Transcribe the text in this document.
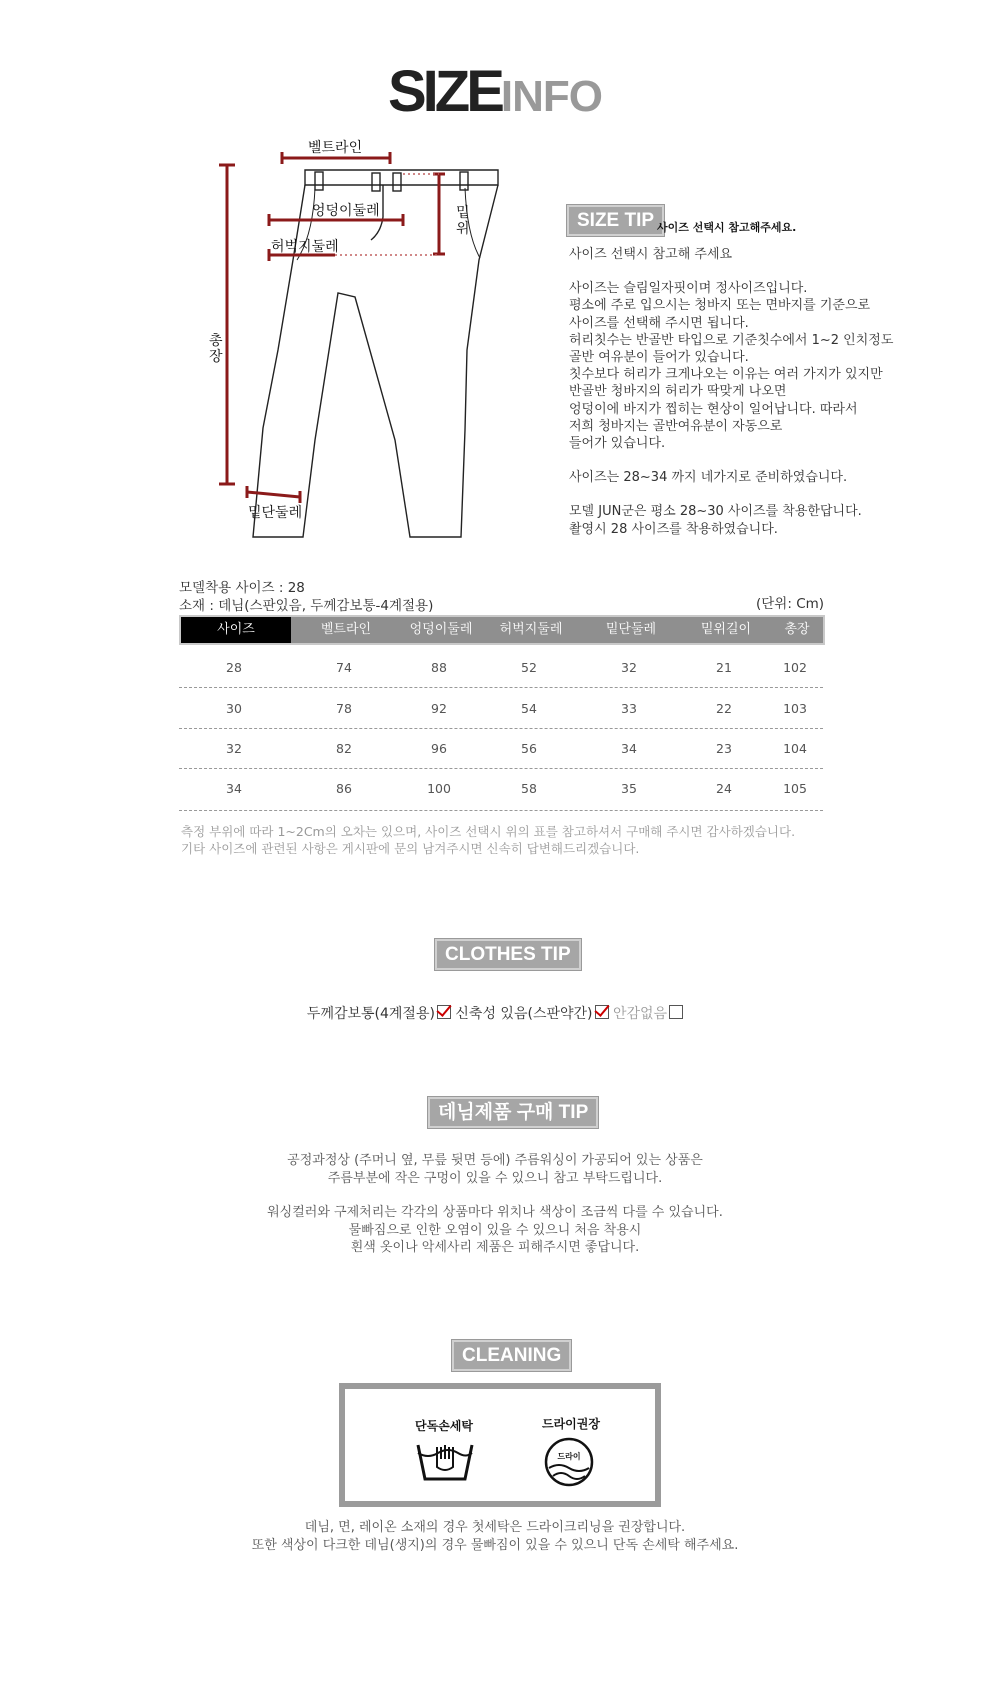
SIZEINFO
벨트라인
엉덩이둘레
허벅지둘레
밑
위
총
장
밑단둘레
SIZE TIP 사이즈 선택시 참고해주세요.

사이즈 선택시 참고해 주세요

사이즈는 슬림일자핏이며 정사이즈입니다.

평소에 주로 입으시는 청바지 또는 면바지를 기준으로

사이즈를 선택해 주시면 됩니다.

허리칫수는 반골반 타입으로 기준칫수에서 1~2 인치정도

골반 여유분이 들어가 있습니다.

칫수보다 허리가 크게나오는 이유는 여러 가지가 있지만

반골반 청바지의 허리가 딱맞게 나오면

엉덩이에 바지가 찝히는 현상이 일어납니다. 따라서

저희 청바지는 골반여유분이 자동으로

들어가 있습니다.

사이즈는 28~34 까지 네가지로 준비하였습니다.

모델 JUN군은 평소 28~30 사이즈를 착용한답니다.

촬영시 28 사이즈를 착용하였습니다.

모델착용 사이즈 : 28
소재 : 데님(스판있음, 두께감보통-4계절용)	(단위: Cm)
사이즈	벨트라인	엉덩이둘레	허벅지둘레	밑단둘레	밑위길이	총장
28	74	88	52	32	21	102
30	78	92	54	33	22	103
32	82	96	56	34	23	104
34	86	100	58	35	24	105
측정 부위에 따라 1~2Cm의 오차는 있으며, 사이즈 선택시 위의 표를 참고하셔서 구매해 주시면 감사하겠습니다.
기타 사이즈에 관련된 사항은 게시판에 문의 남겨주시면 신속히 답변해드리겠습니다.
CLOTHES TIP
두께감보통(4계절용) 신축성 있음(스판약간) 안감없음
데님제품 구매 TIP

공정과정상 (주머니 옆, 무릎 뒷면 등에) 주름워싱이 가공되어 있는 상품은

주름부분에 작은 구멍이 있을 수 있으니 참고 부탁드립니다.

워싱컬러와 구제처리는 각각의 상품마다 위치나 색상이 조금씩 다를 수 있습니다.

물빠짐으로 인한 오염이 있을 수 있으니 처음 착용시

흰색 옷이나 악세사리 제품은 피해주시면 좋답니다.

CLEANING
단독손세탁	드라이권장
드라이

데님, 면, 레이온 소재의 경우 첫세탁은 드라이크리닝을 권장합니다.

또한 색상이 다크한 데님(생지)의 경우 물빠짐이 있을 수 있으니 단독 손세탁 해주세요.
